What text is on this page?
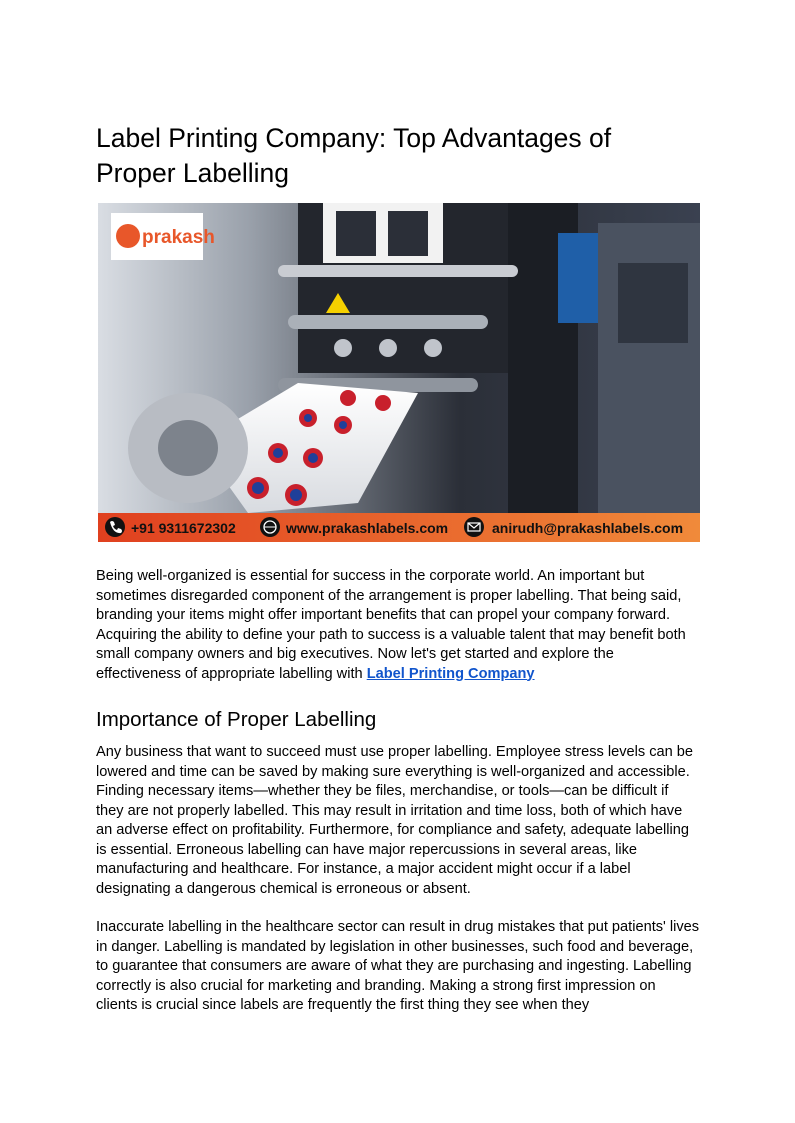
Label Printing Company: Top Advantages of
Proper Labelling
prakash
+91 9311672302	www.prakashlabels.com	anirudh@prakashlabels.com

Being well-organized is essential for success in the corporate world. An important but sometimes disregarded component of the arrangement is proper labelling. That being said, branding your items might offer important benefits that can propel your company forward. Acquiring the ability to define your path to success is a valuable talent that may benefit both small company owners and big executives. Now let's get started and explore the effectiveness of appropriate labelling with Label Printing Company

Importance of Proper Labelling

Any business that want to succeed must use proper labelling. Employee stress levels can be lowered and time can be saved by making sure everything is well-organized and accessible. Finding necessary items—whether they be files, merchandise, or tools—can be difficult if they are not properly labelled. This may result in irritation and time loss, both of which have an adverse effect on profitability. Furthermore, for compliance and safety, adequate labelling is essential. Erroneous labelling can have major repercussions in several areas, like manufacturing and healthcare. For instance, a major accident might occur if a label designating a dangerous chemical is erroneous or absent.

Inaccurate labelling in the healthcare sector can result in drug mistakes that put patients' lives in danger. Labelling is mandated by legislation in other businesses, such food and beverage, to guarantee that consumers are aware of what they are purchasing and ingesting. Labelling correctly is also crucial for marketing and branding. Making a strong first impression on clients is crucial since labels are frequently the first thing they see when they
